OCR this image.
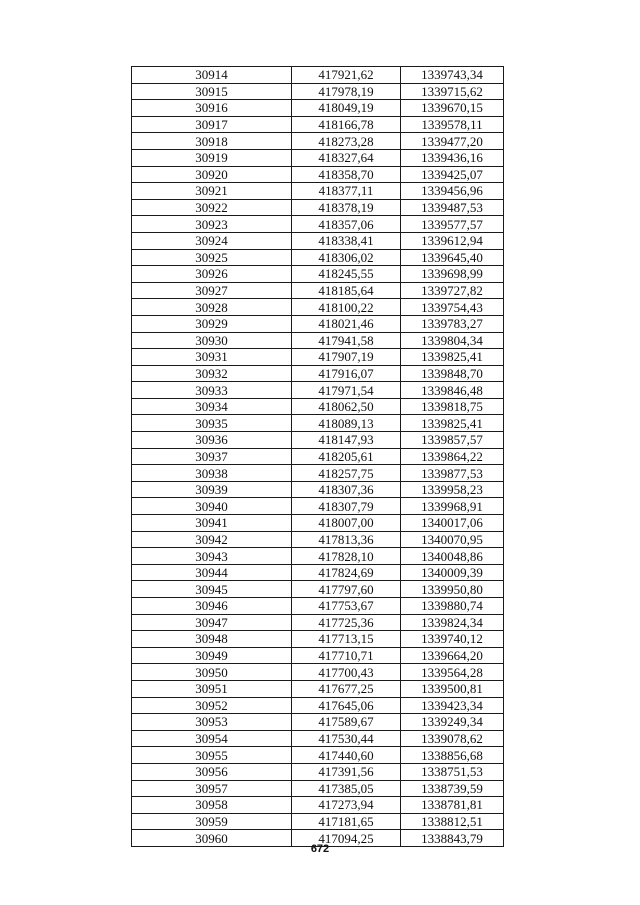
30914	417921,62	1339743,34
30915	417978,19	1339715,62
30916	418049,19	1339670,15
30917	418166,78	1339578,11
30918	418273,28	1339477,20
30919	418327,64	1339436,16
30920	418358,70	1339425,07
30921	418377,11	1339456,96
30922	418378,19	1339487,53
30923	418357,06	1339577,57
30924	418338,41	1339612,94
30925	418306,02	1339645,40
30926	418245,55	1339698,99
30927	418185,64	1339727,82
30928	418100,22	1339754,43
30929	418021,46	1339783,27
30930	417941,58	1339804,34
30931	417907,19	1339825,41
30932	417916,07	1339848,70
30933	417971,54	1339846,48
30934	418062,50	1339818,75
30935	418089,13	1339825,41
30936	418147,93	1339857,57
30937	418205,61	1339864,22
30938	418257,75	1339877,53
30939	418307,36	1339958,23
30940	418307,79	1339968,91
30941	418007,00	1340017,06
30942	417813,36	1340070,95
30943	417828,10	1340048,86
30944	417824,69	1340009,39
30945	417797,60	1339950,80
30946	417753,67	1339880,74
30947	417725,36	1339824,34
30948	417713,15	1339740,12
30949	417710,71	1339664,20
30950	417700,43	1339564,28
30951	417677,25	1339500,81
30952	417645,06	1339423,34
30953	417589,67	1339249,34
30954	417530,44	1339078,62
30955	417440,60	1338856,68
30956	417391,56	1338751,53
30957	417385,05	1338739,59
30958	417273,94	1338781,81
30959	417181,65	1338812,51
30960	417094,25	1338843,79
672
